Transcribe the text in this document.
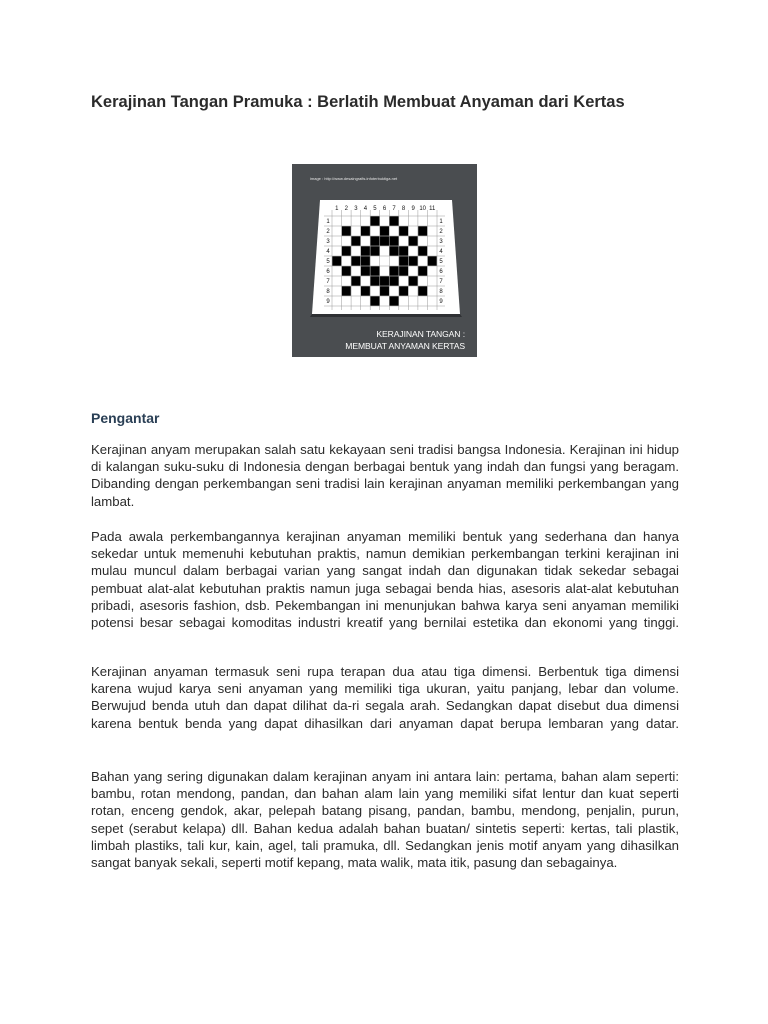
Kerajinan Tangan Pramuka : Berlatih Membuat Anyaman dari Kertas
1 2 3 4 5 6 7 8 9 10 11
1	1
2	2
3	3
4	4
5	5
6	6
7	7
8	8
9	9
image : http://www.desaingrafis.infoterbuktiga.net
KERAJINAN TANGAN :
MEMBUAT ANYAMAN KERTAS
Pengantar

Kerajinan anyam merupakan salah satu kekayaan seni tradisi bangsa Indonesia. Kerajinan ini hidup di kalangan suku-suku di Indonesia dengan berbagai bentuk yang indah dan fungsi yang beragam. Dibanding dengan perkembangan seni tradisi lain kerajinan anyaman memiliki perkembangan yang lambat.

Pada awala perkembangannya kerajinan anyaman memiliki bentuk yang sederhana dan hanya sekedar untuk memenuhi kebutuhan praktis, namun demikian perkembangan terkini kerajinan ini mulau muncul dalam berbagai varian yang sangat indah dan digunakan tidak sekedar sebagai pembuat alat-alat kebutuhan praktis namun juga sebagai benda hias, asesoris alat-alat kebutuhan pribadi, asesoris fashion, dsb. Pekembangan ini menunjukan bahwa karya seni anyaman memiliki potensi besar sebagai komoditas industri kreatif yang bernilai estetika dan ekonomi yang tinggi.

Kerajinan anyaman termasuk seni rupa terapan dua atau tiga dimensi. Berbentuk tiga dimensi karena wujud karya seni anyaman yang memiliki tiga ukuran, yaitu panjang, lebar dan volume. Berwujud benda utuh dan dapat dilihat da-ri segala arah. Sedangkan dapat disebut dua dimensi karena bentuk benda yang dapat dihasilkan dari anyaman dapat berupa lembaran yang datar.

Bahan yang sering digunakan dalam kerajinan anyam ini antara lain: pertama, bahan alam seperti: bambu, rotan mendong, pandan, dan bahan alam lain yang memiliki sifat lentur dan kuat seperti rotan, enceng gendok, akar, pelepah batang pisang, pandan, bambu, mendong, penjalin, purun, sepet (serabut kelapa) dll. Bahan kedua adalah bahan buatan/ sintetis seperti: kertas, tali plastik, limbah plastiks, tali kur, kain, agel, tali pramuka, dll. Sedangkan jenis motif anyam yang dihasilkan sangat banyak sekali, seperti motif kepang, mata walik, mata itik, pasung dan sebagainya.
